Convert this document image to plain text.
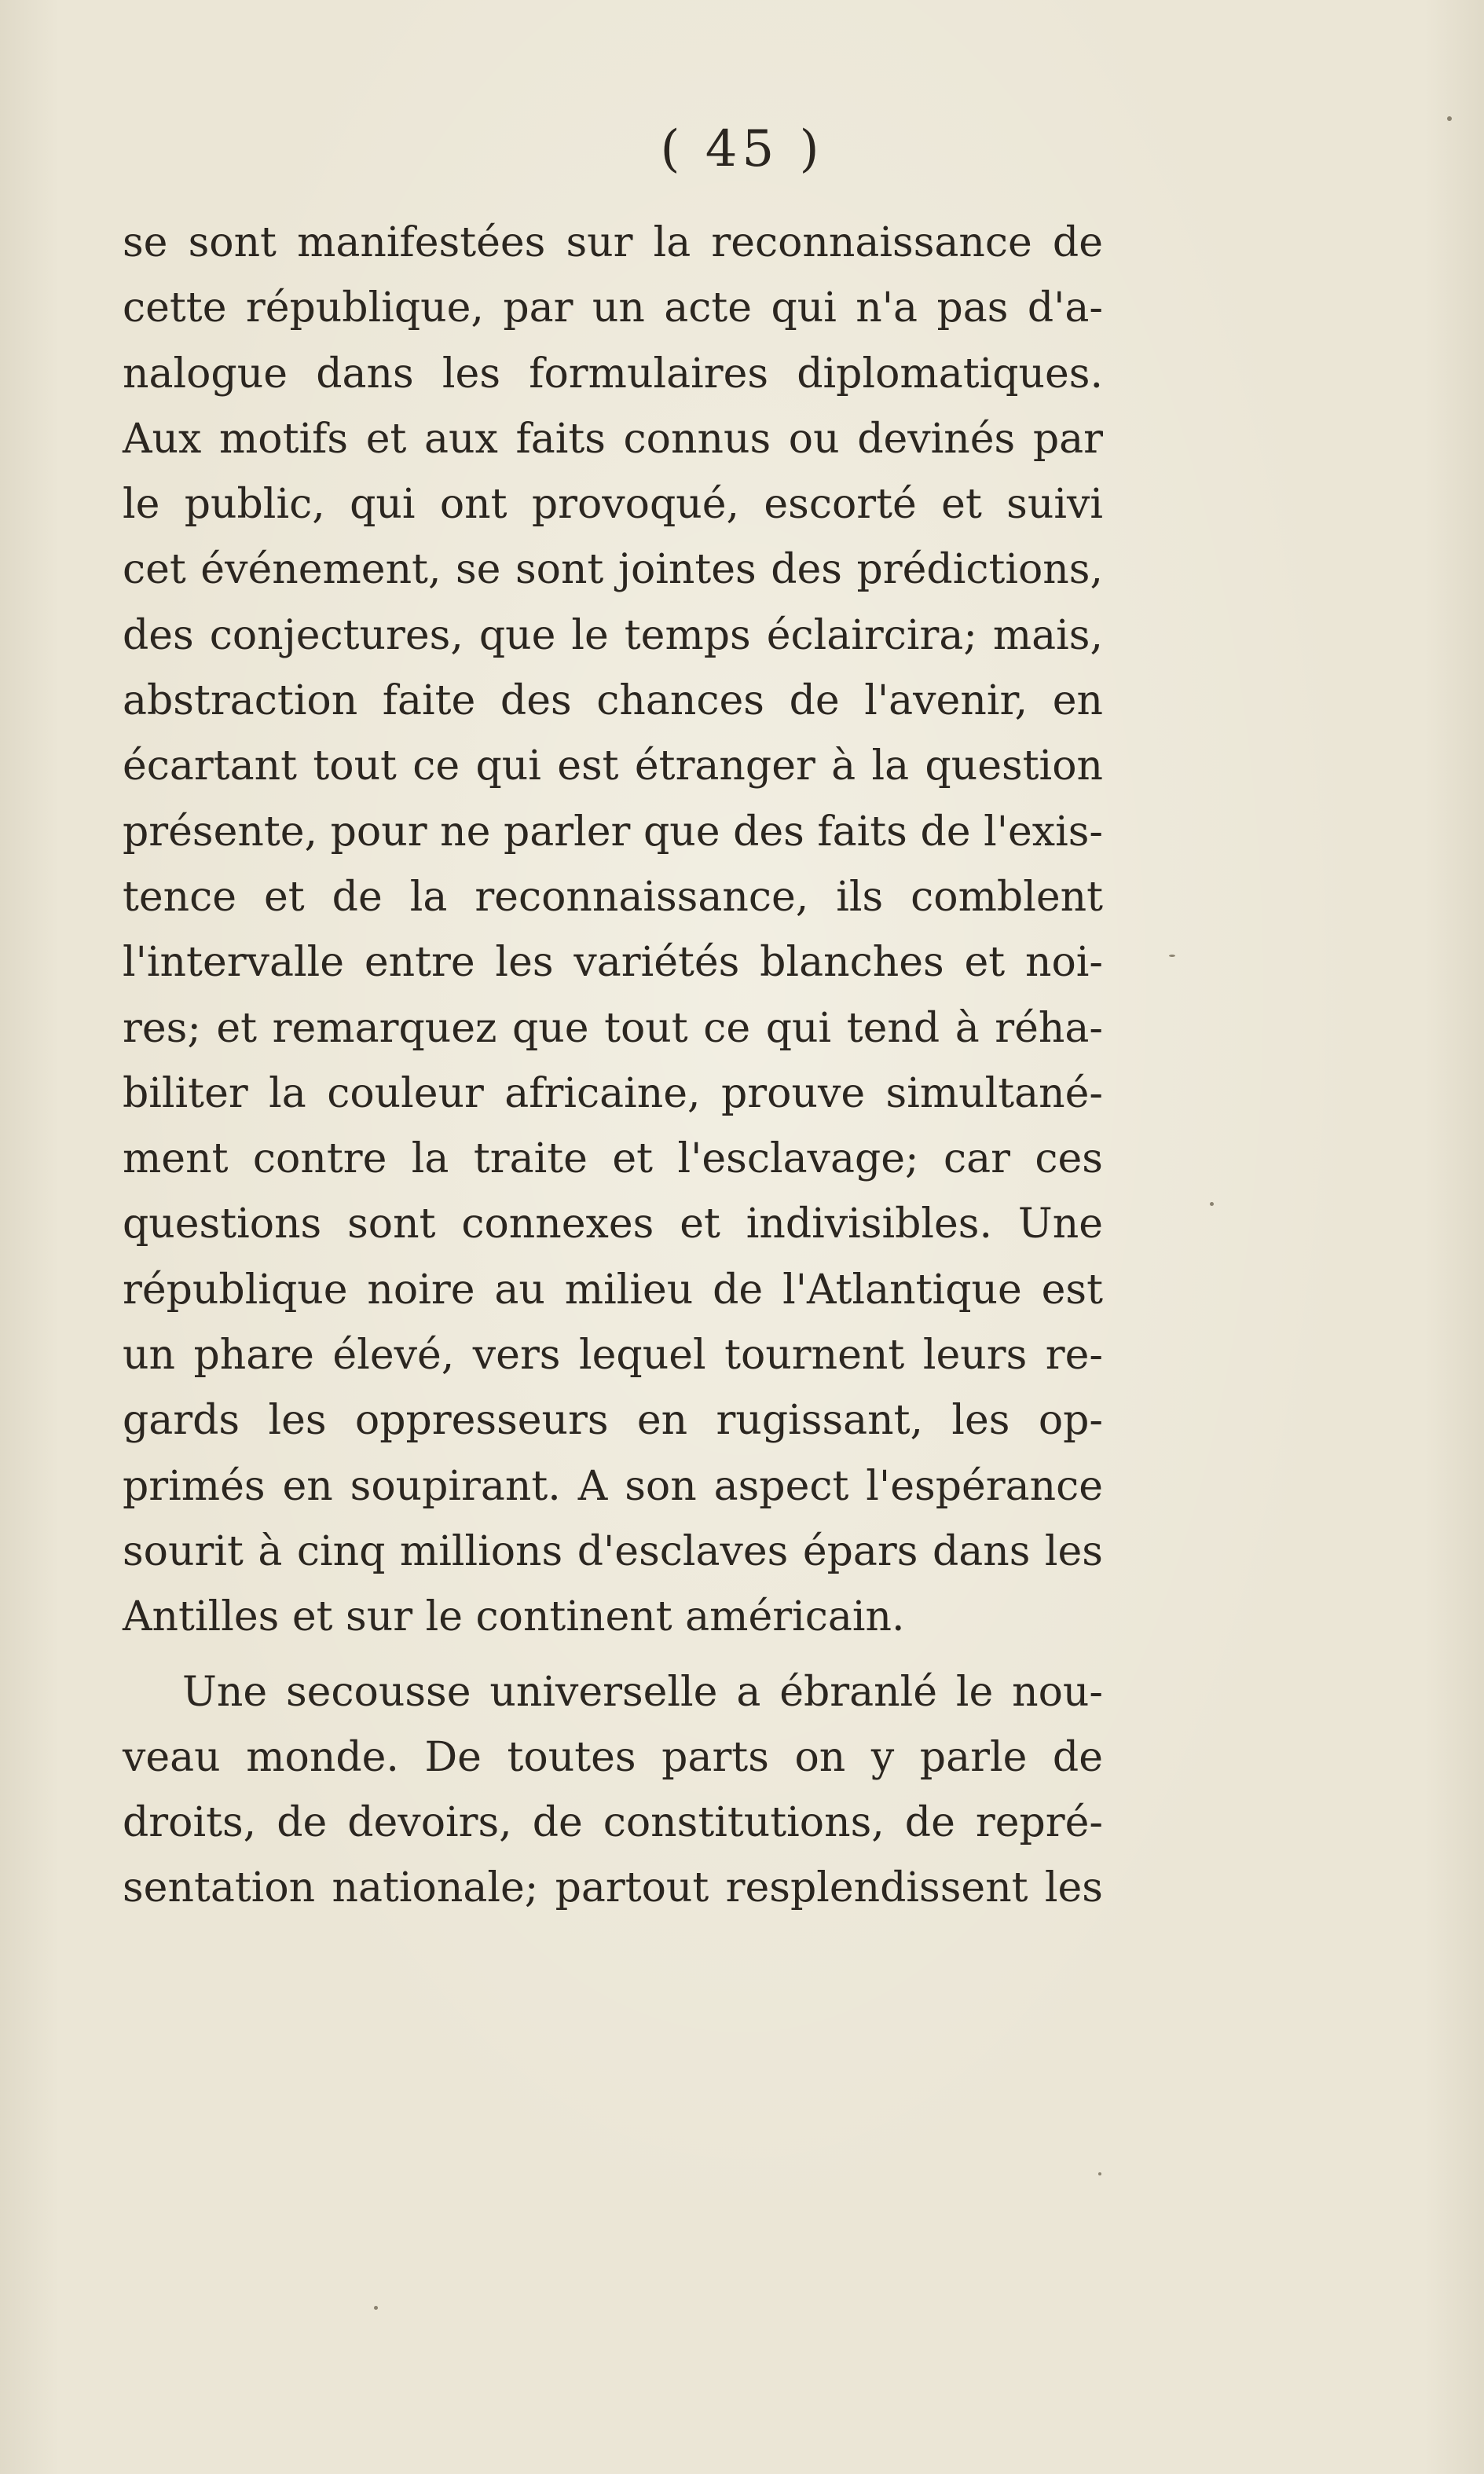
( 45 )
se sont manifestées sur la reconnaissance de
cette république, par un acte qui n'a pas d'a-
nalogue dans les formulaires diplomatiques.
Aux motifs et aux faits connus ou devinés par
le public, qui ont provoqué, escorté et suivi
cet événement, se sont jointes des prédictions,
des conjectures, que le temps éclaircira; mais,
abstraction faite des chances de l'avenir, en
écartant tout ce qui est étranger à la question
présente, pour ne parler que des faits de l'exis-
tence et de la reconnaissance, ils comblent
l'intervalle entre les variétés blanches et noi-
res; et remarquez que tout ce qui tend à réha-
biliter la couleur africaine, prouve simultané-
ment contre la traite et l'esclavage; car ces
questions sont connexes et indivisibles. Une
république noire au milieu de l'Atlantique est
un phare élevé, vers lequel tournent leurs re-
gards les oppresseurs en rugissant, les op-
primés en soupirant. A son aspect l'espérance
sourit à cinq millions d'esclaves épars dans les
Antilles et sur le continent américain.
Une secousse universelle a ébranlé le nou-
veau monde. De toutes parts on y parle de
droits, de devoirs, de constitutions, de repré-
sentation nationale; partout resplendissent les
